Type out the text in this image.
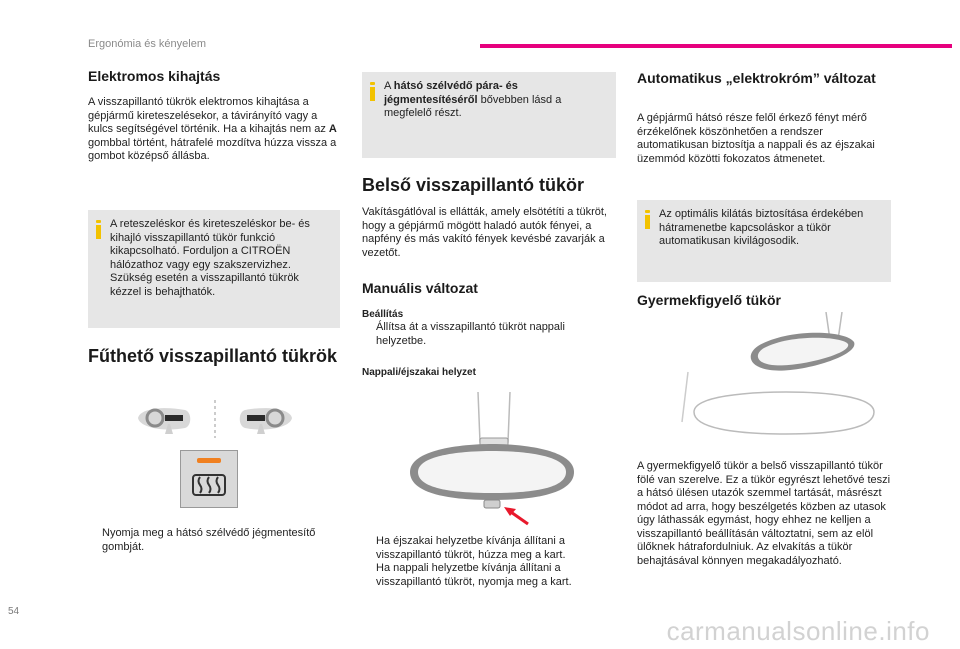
Ergonómia és kényelem
Elektromos kihajtás

A visszapillantó tükrök elektromos kihajtása a gépjármű kireteszelésekor, a távirányító vagy a kulcs segítségével történik. Ha a kihajtás nem az A gombbal történt, hátrafelé mozdítva húzza vissza a gombot középső állásba.

A reteszeléskor és kireteszeléskor be- és kihajló visszapillantó tükör funkció kikapcsolható. Forduljon a CITROËN hálózathoz vagy egy szakszervizhez. Szükség esetén a visszapillantó tükrök kézzel is behajthatók.
Fűthető visszapillantó tükrök
Nyomja meg a hátsó szélvédő jégmentesítő gombját.
A hátsó szélvédő pára- és jégmentesítéséről bővebben lásd a megfelelő részt.
Belső visszapillantó tükör

Vakításgátlóval is ellátták, amely elsötétíti a tükröt, hogy a gépjármű mögött haladó autók fényei, a napfény és más vakító fények kevésbé zavarják a vezetőt.

Manuális változat
Beállítás
Állítsa át a visszapillantó tükröt nappali helyzetbe.
Nappali/éjszakai helyzet
Ha éjszakai helyzetbe kívánja állítani a visszapillantó tükröt, húzza meg a kart.
Ha nappali helyzetbe kívánja állítani a visszapillantó tükröt, nyomja meg a kart.
Automatikus „elektrokróm” változat

A gépjármű hátsó része felől érkező fényt mérő érzékelőnek köszönhetően a rendszer automatikusan biztosítja a nappali és az éjszakai üzemmód közötti fokozatos átmenetet.

Az optimális kilátás biztosítása érdekében hátramenetbe kapcsoláskor a tükör automatikusan kivilágosodik.
Gyermekfigyelő tükör

A gyermekfigyelő tükör a belső visszapillantó tükör fölé van szerelve. Ez a tükör egyrészt lehetővé teszi a hátsó ülésen utazók szemmel tartását, másrészt módot ad arra, hogy beszélgetés közben az utasok úgy láthassák egymást, hogy ehhez ne kelljen a visszapillantó beállításán változtatni, sem az elöl ülőknek hátrafordulniuk. Az elvakítás a tükör behajtásával könnyen megakadályozható.

54
carmanualsonline.info
